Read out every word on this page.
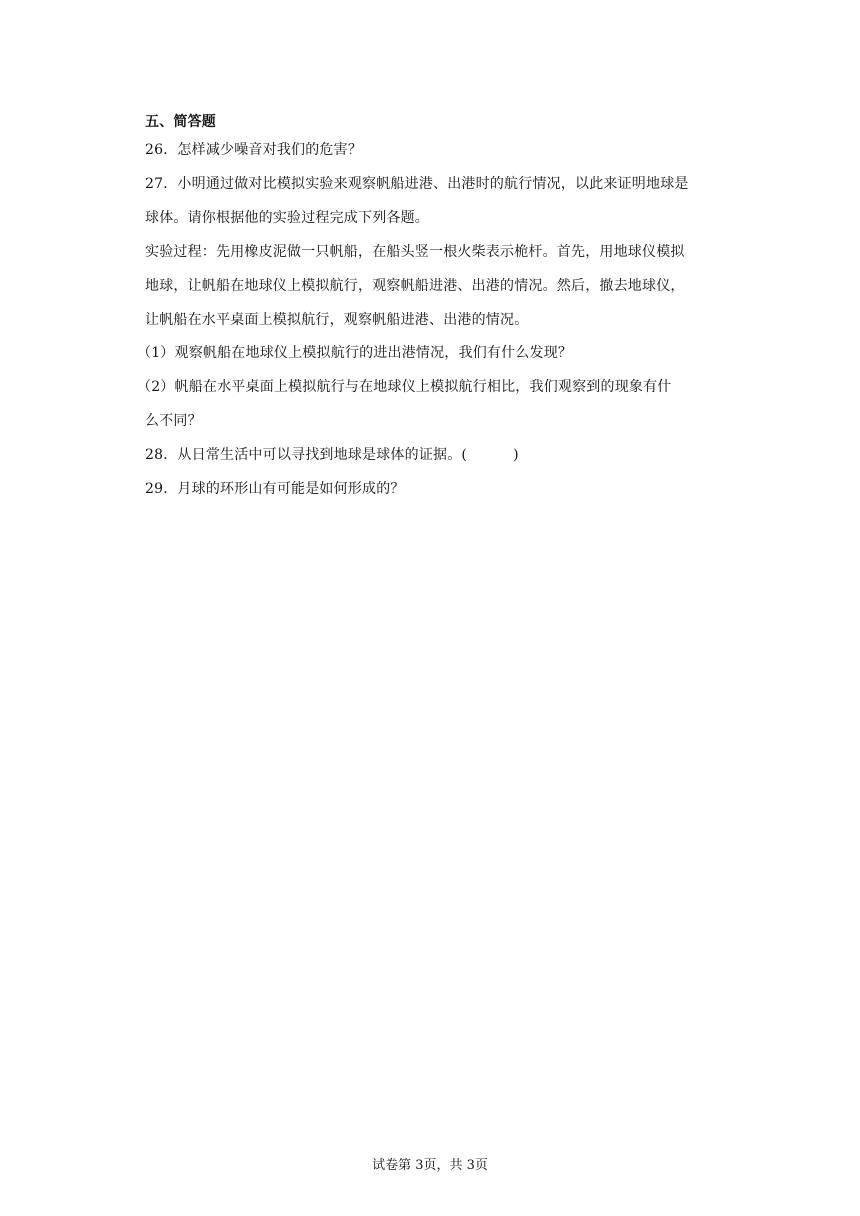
五、简答题
26．怎样减少噪音对我们的危害？
27．小明通过做对比模拟实验来观察帆船进港、出港时的航行情况，以此来证明地球是
球体。请你根据他的实验过程完成下列各题。
实验过程：先用橡皮泥做一只帆船，在船头竖一根火柴表示桅杆。首先，用地球仪模拟
地球，让帆船在地球仪上模拟航行，观察帆船进港、出港的情况。然后，撤去地球仪，
让帆船在水平桌面上模拟航行，观察帆船进港、出港的情况。
（1）观察帆船在地球仪上模拟航行的进出港情况，我们有什么发现？
（2）帆船在水平桌面上模拟航行与在地球仪上模拟航行相比，我们观察到的现象有什
么不同？
28．从日常生活中可以寻找到地球是球体的证据。(	)
29．月球的环形山有可能是如何形成的？
试卷第 3页，共 3页
